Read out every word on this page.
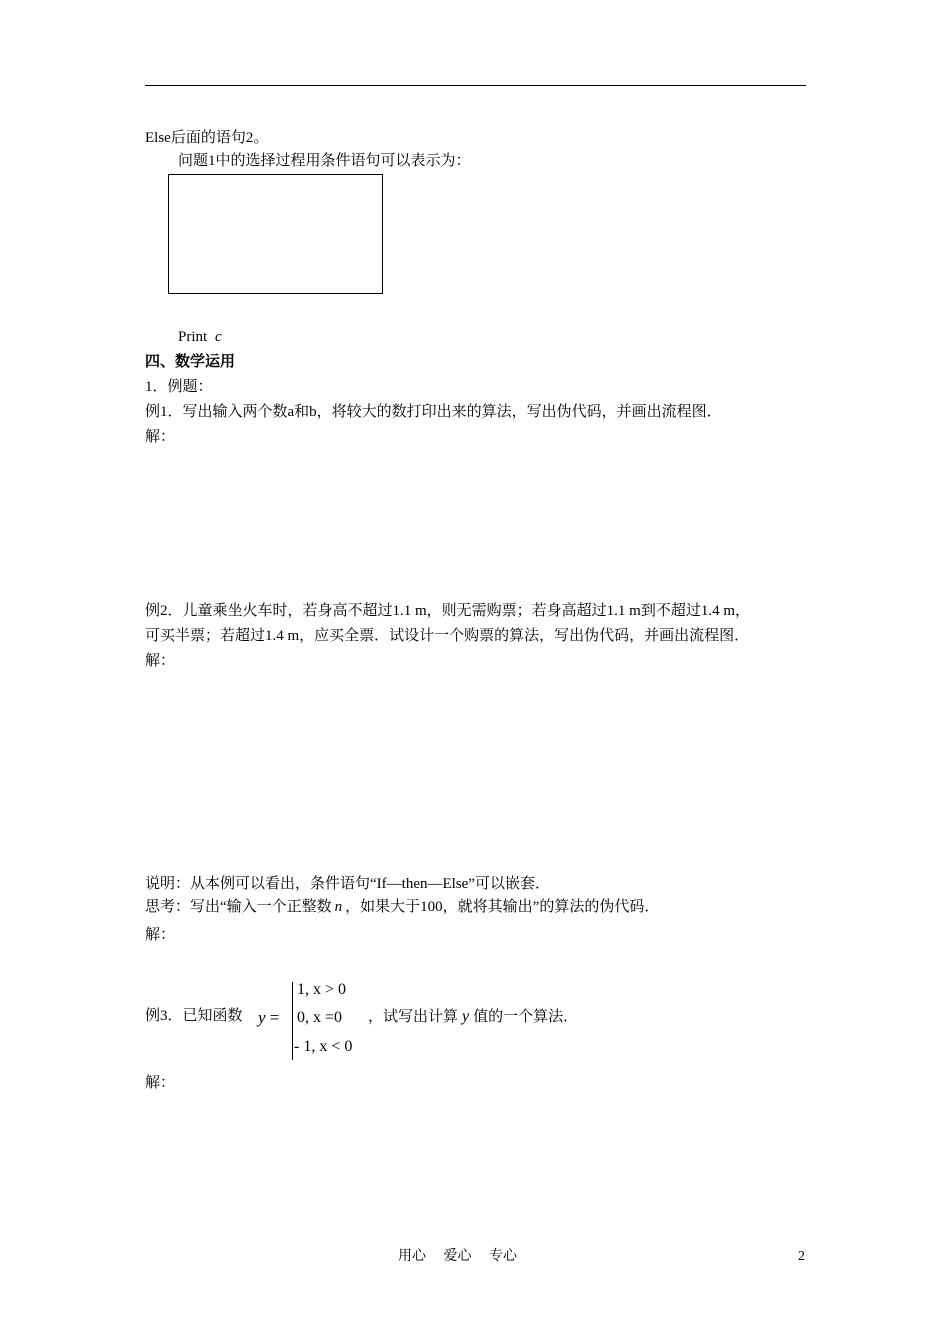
Else后面的语句2。
问题1中的选择过程用条件语句可以表示为：
Print c
四、数学运用
1．例题：
例1．写出输入两个数a和b，将较大的数打印出来的算法，写出伪代码，并画出流程图．
解：
例2．儿童乘坐火车时，若身高不超过1.1 m，则无需购票；若身高超过1.1 m到不超过1.4 m，
可买半票；若超过1.4 m，应买全票．试设计一个购票的算法，写出伪代码，并画出流程图．
解：
说明：从本例可以看出，条件语句“If—then—Else”可以嵌套．
思考：写出“输入一个正整数 n ，如果大于100，就将其输出”的算法的伪代码．
解：
例3．已知函数 y =
1, x > 0
0, x =0
- 1, x < 0
，试写出计算 y 值的一个算法．
解：
用心　 爱心　 专心	2
